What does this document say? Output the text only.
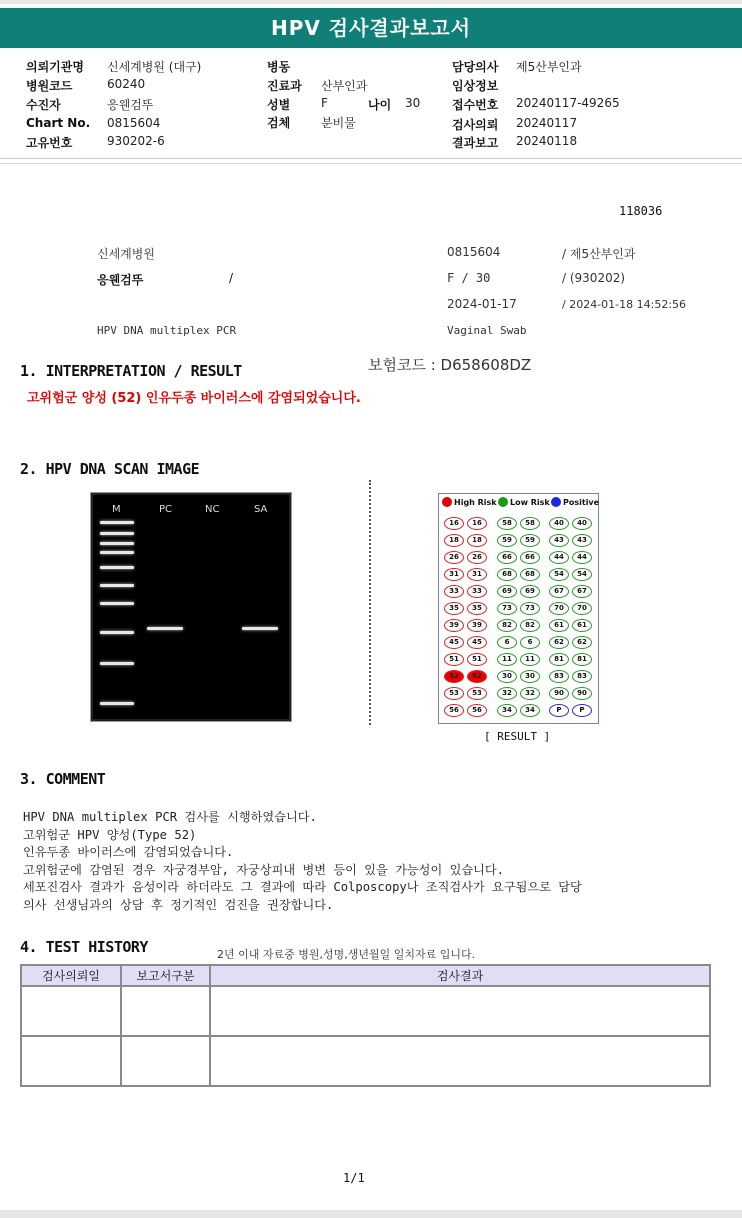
HPV 검사결과보고서
의뢰기관명 신세계병원 (대구)
병원코드	60240
수진자	응웬검뚜
Chart No. 0815604
고유번호	930202-6
병동
진료과 산부인과
성별	F	나이 30
검체	분비물
담당의사 제5산부인과
임상정보
접수번호 20240117-49265
검사의뢰 20240117
결과보고 20240118
118036
신세계병원	0815604	/ 제5산부인과
응웬검뚜	/	F / 30	/ (930202)
2024-01-17	/ 2024-01-18 14:52:56
HPV DNA multiplex PCR	Vaginal Swab
보험코드 : D658608DZ
1. INTERPRETATION / RESULT
고위험군 양성 (52) 인유두종 바이러스에 감염되었습니다.
2. HPV DNA SCAN IMAGE
M	PC	NC	SA
High Risk Low Risk Positive
16	16
18	18
26	26
31	31
33	33
35	35
39	39
45	45
51	51
52	52
53	53
56	56
58	58
59	59
66	66
68	68
69	69
73	73
82	82
6	6
11	11
30	30
32	32
34	34
40	40
43	43
44	44
54	54
67	67
70	70
61	61
62	62
81	81
83	83
90	90
P	P
[ RESULT ]
3. COMMENT
HPV DNA multiplex PCR 검사를 시행하였습니다.
고위험군 HPV 양성(Type 52)
인유두종 바이러스에 감염되었습니다.
고위험군에 감염된 경우 자궁경부암, 자궁상피내 병변 등이 있을 가능성이 있습니다.
세포진검사 결과가 음성이라 하더라도 그 결과에 따라 Colposcopy나 조직검사가 요구됨으로 담당
의사 선생님과의 상담 후 정기적인 검진을 권장합니다.
4. TEST HISTORY	2년 이내 자료중 병원,성명,생년월일 일치자료 입니다.
검사의뢰일	보고서구분	검사결과

1/1
